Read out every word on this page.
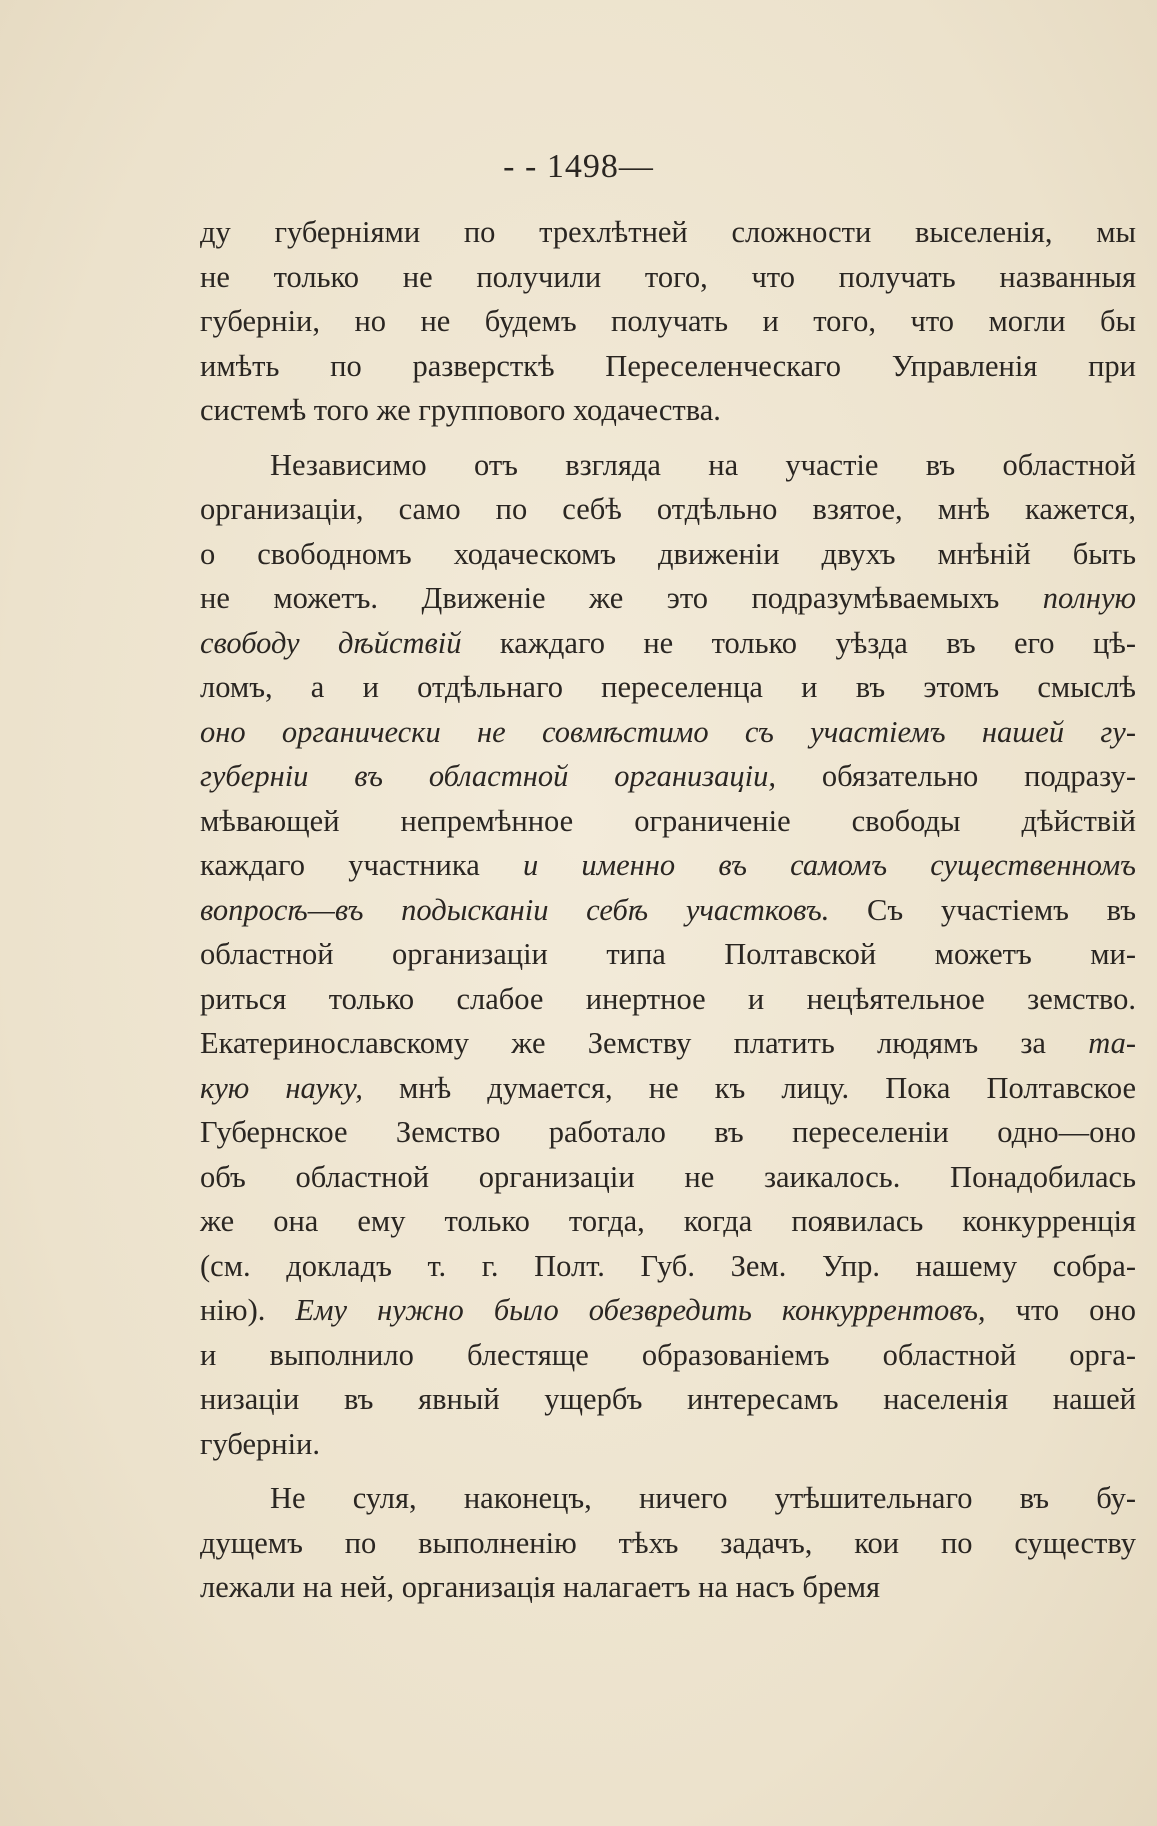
- - 1498—
ду губерніями по трехлѣтней сложности выселенія, мы
не только не получили того, что получать названныя
губерніи, но не будемъ получать и того, что могли бы
имѣть по разверсткѣ Переселенческаго Управленія при
системѣ того же группового ходачества.
Независимо отъ взгляда на участіе въ областной
организаціи, само по себѣ отдѣльно взятое, мнѣ кажется,
о свободномъ ходаческомъ движеніи двухъ мнѣній быть
не можетъ. Движеніе же это подразумѣваемыхъ полную
свободу дѣйствій каждаго не только уѣзда въ его цѣ-
ломъ, а и отдѣльнаго переселенца и въ этомъ смыслѣ
оно органически не совмѣстимо съ участіемъ нашей гу-
губерніи въ областной организаціи, обязательно подразу-
мѣвающей непремѣнное ограниченіе свободы дѣйствій
каждаго участника и именно въ самомъ существенномъ
вопросѣ—въ подысканіи себѣ участковъ. Съ участіемъ въ
областной организаціи типа Полтавской можетъ ми-
риться только слабое инертное и нецѣятельное земство.
Екатеринославскому же Земству платить людямъ за та-
кую науку, мнѣ думается, не къ лицу. Пока Полтавское
Губернское Земство работало въ переселеніи одно—оно
объ областной организаціи не заикалось. Понадобилась
же она ему только тогда, когда появилась конкурренція
(см. докладъ т. г. Полт. Губ. Зем. Упр. нашему собра-
нію). Ему нужно было обезвредить конкуррентовъ, что оно
и выполнило блестяще образованіемъ областной орга-
низаціи въ явный ущербъ интересамъ населенія нашей
губерніи.
Не суля, наконецъ, ничего утѣшительнаго въ бу-
дущемъ по выполненію тѣхъ задачъ, кои по существу
лежали на ней, организація налагаетъ на насъ бремя
